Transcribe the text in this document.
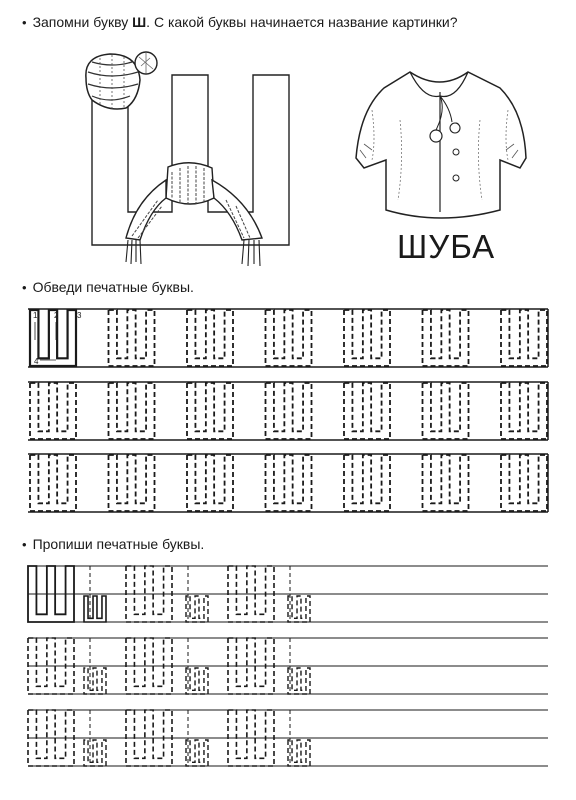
• Запомни букву Ш. С какой буквы начинается название картинки?
1 2 3
4
ШУБА
• Обведи печатные буквы.
• Пропиши печатные буквы.
